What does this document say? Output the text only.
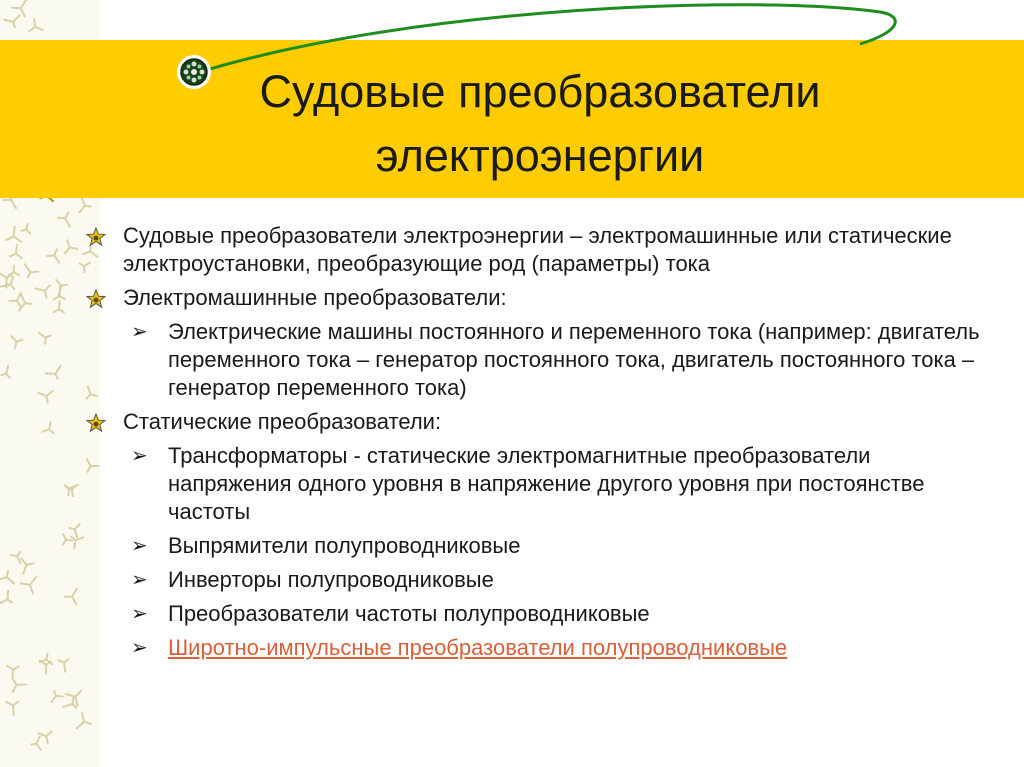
Судовые преобразователи электроэнергии
Судовые преобразователи электроэнергии – электромашинные или статические электроустановки, преобразующие род (параметры) тока
Электромашинные преобразователи:
➢ Электрические машины постоянного и переменного тока (например: двигатель переменного тока – генератор постоянного тока, двигатель постоянного тока – генератор переменного тока)
Статические преобразователи:
➢ Трансформаторы - статические электромагнитные преобразователи напряжения одного уровня в напряжение другого уровня при постоянстве частоты
➢ Выпрямители полупроводниковые
➢ Инверторы полупроводниковые
➢ Преобразователи частоты полупроводниковые
➢ Широтно-импульсные преобразователи полупроводниковые
